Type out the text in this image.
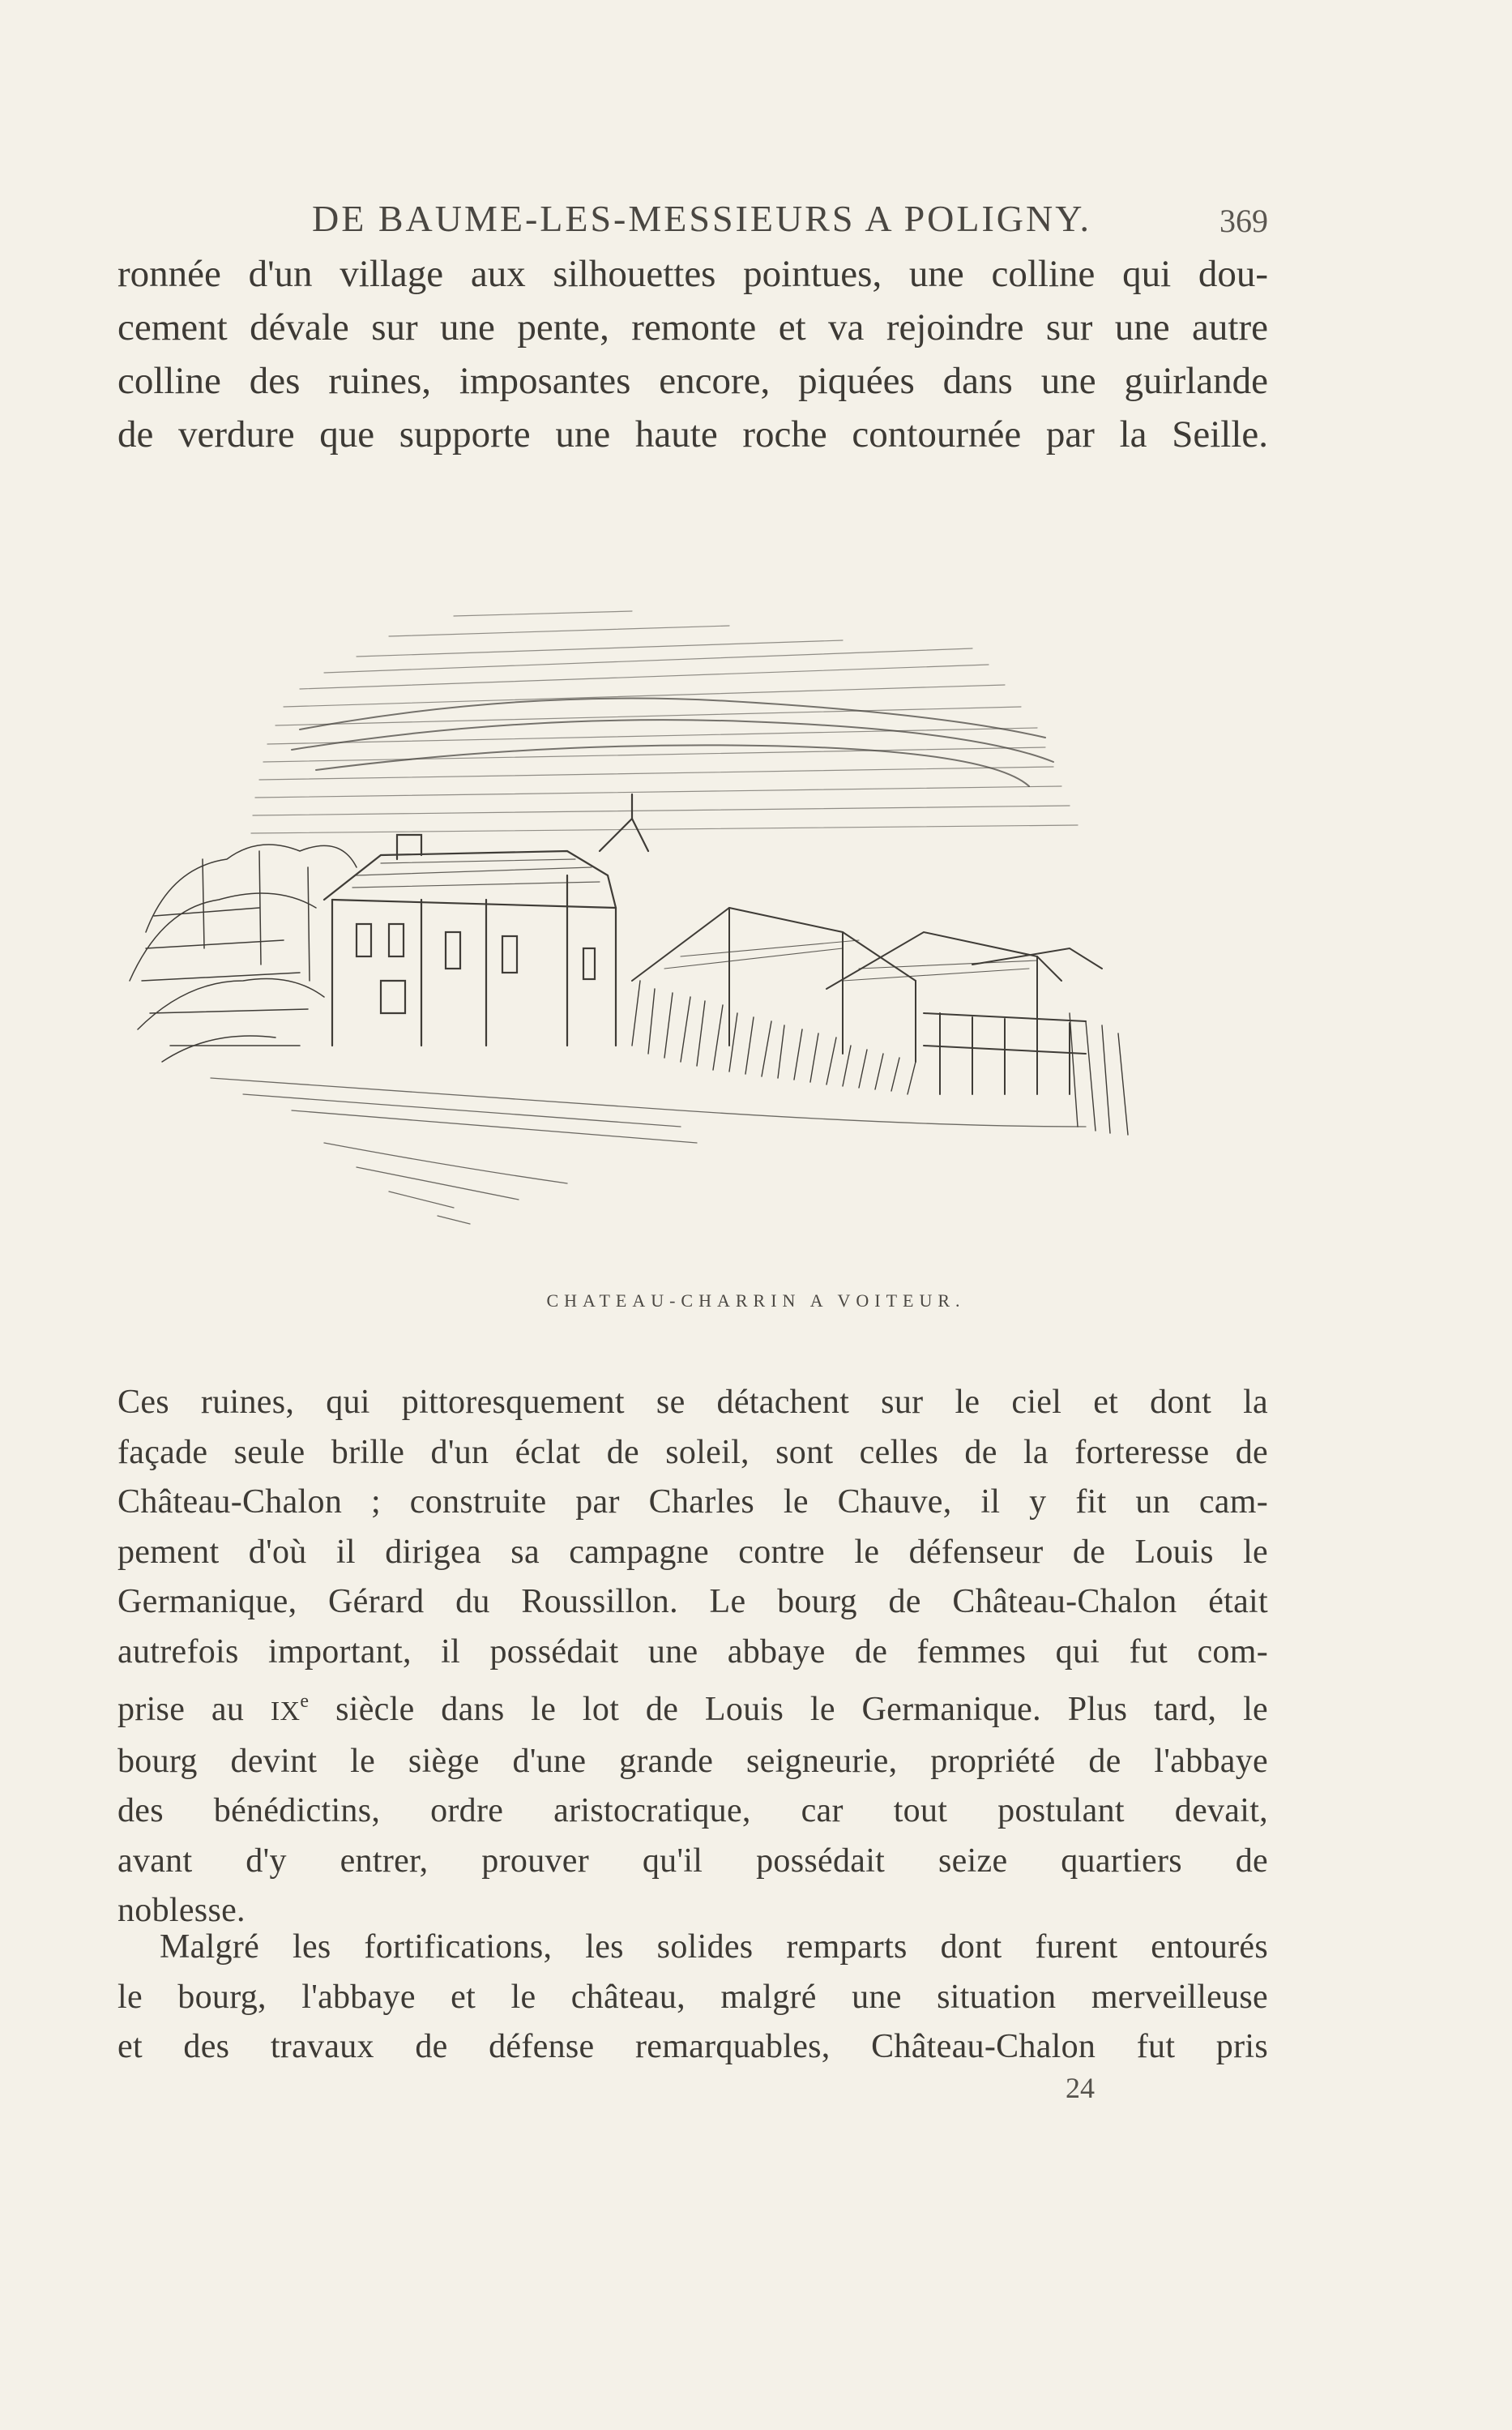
DE BAUME-LES-MESSIEURS A POLIGNY.	369
ronnée d'un village aux silhouettes pointues, une colline qui dou-
cement dévale sur une pente, remonte et va rejoindre sur une autre
colline des ruines, imposantes encore, piquées dans une guirlande
de verdure que supporte une haute roche contournée par la Seille.
CHATEAU-CHARRIN A VOITEUR.
Ces ruines, qui pittoresquement se détachent sur le ciel et dont la
façade seule brille d'un éclat de soleil, sont celles de la forteresse de
Château-Chalon ; construite par Charles le Chauve, il y fit un cam-
pement d'où il dirigea sa campagne contre le défenseur de Louis le
Germanique, Gérard du Roussillon. Le bourg de Château-Chalon était
autrefois important, il possédait une abbaye de femmes qui fut com-
prise au IXe siècle dans le lot de Louis le Germanique. Plus tard, le
bourg devint le siège d'une grande seigneurie, propriété de l'abbaye
des bénédictins, ordre aristocratique, car tout postulant devait,
avant d'y entrer, prouver qu'il possédait seize quartiers de
noblesse.
Malgré les fortifications, les solides remparts dont furent entourés
le bourg, l'abbaye et le château, malgré une situation merveilleuse
et des travaux de défense remarquables, Château-Chalon fut pris
24
